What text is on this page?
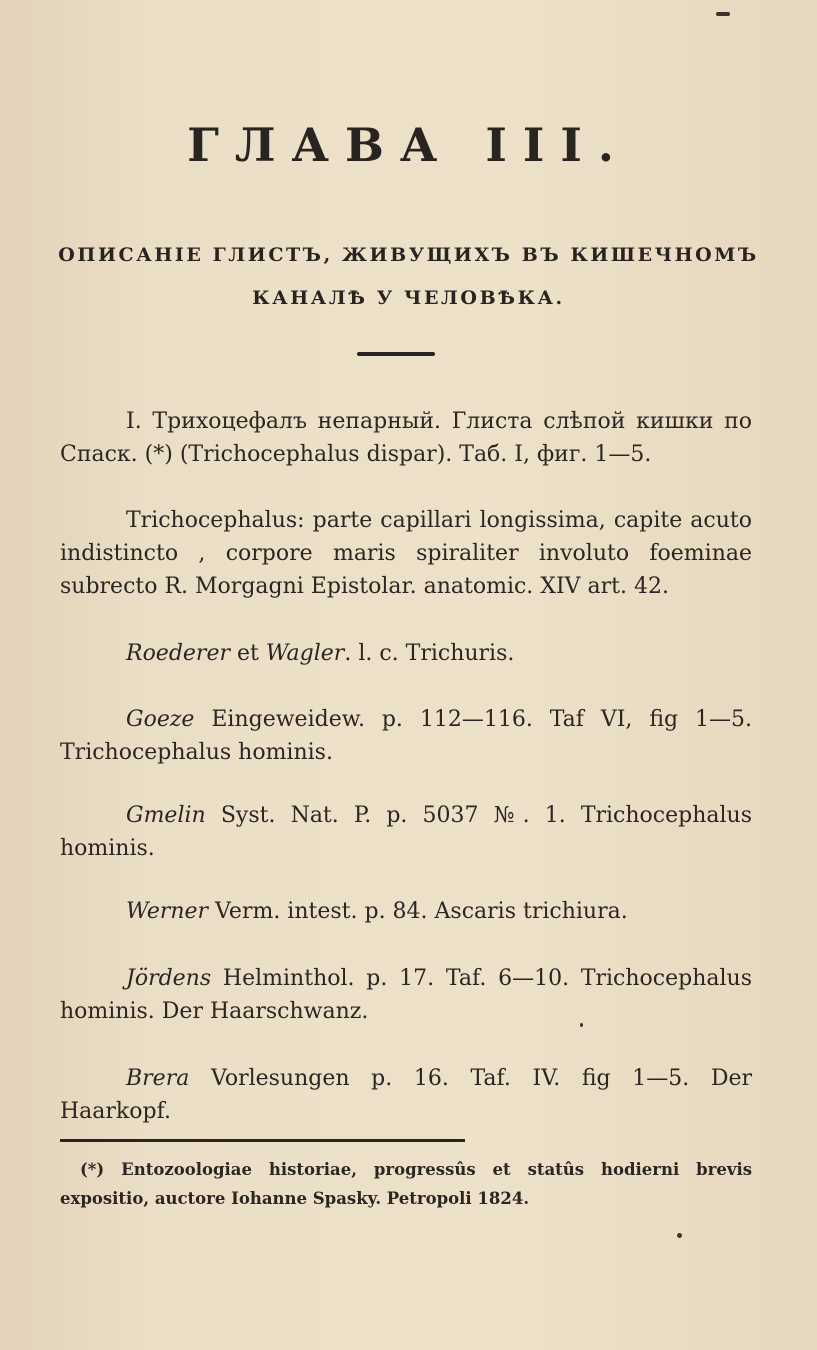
ГЛАВА III.
ОПИСАНІЕ ГЛИСТЪ, ЖИВУЩИХЪ ВЪ КИШЕЧНОМЪ
КАНАЛѢ У ЧЕЛОВѢКА.

I. Трихоцефалъ непарный. Глиста слѣпой кишки по Спаск. (*) (Trichocephalus dispar). Таб. I, фиг. 1—5.

Trichocephalus: parte capillari longissima, capite acuto indistincto , corpore maris spiraliter involuto foeminae subrecto R. Morgagni Epistolar. anatomic. XIV art. 42.

Roederer et Wagler. l. c. Trichuris.

Goeze Eingeweidew. p. 112—116. Taf VI, fig 1—5. Trichocephalus hominis.

Gmelin Syst. Nat. P. p. 5037 №. 1. Trichocephalus hominis.

Werner Verm. intest. p. 84. Ascaris trichiura.

Jördens Helminthol. p. 17. Taf. 6—10. Trichocephalus hominis. Der Haarschwanz.

Brera Vorlesungen p. 16. Taf. IV. fig 1—5. Der Haarkopf.

(*) Entozoologiae historiae, progressûs et statûs hodierni brevis expositio, auctore Iohanne Spasky. Petropoli 1824.
